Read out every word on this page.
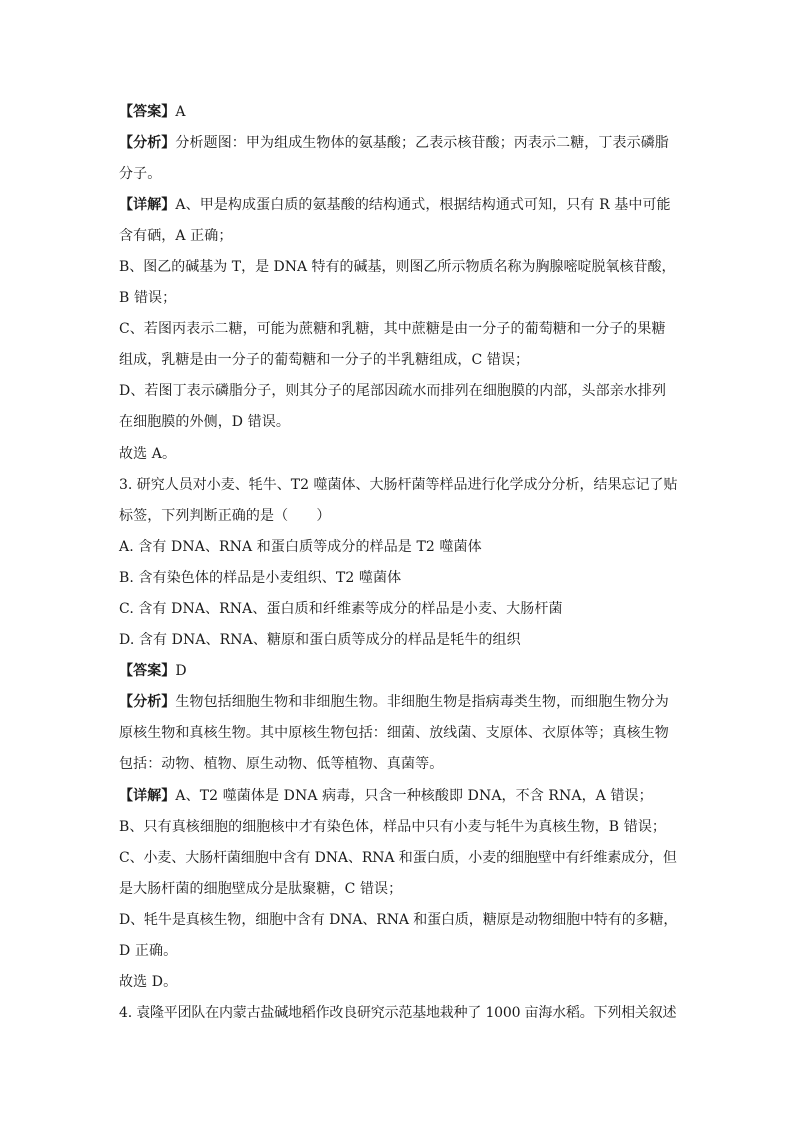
【答案】A
【分析】分析题图：甲为组成生物体的氨基酸；乙表示核苷酸；丙表示二糖，丁表示磷脂
分子。
【详解】A、甲是构成蛋白质的氨基酸的结构通式，根据结构通式可知，只有 R 基中可能
含有硒，A 正确；
B、图乙的碱基为 T，是 DNA 特有的碱基，则图乙所示物质名称为胸腺嘧啶脱氧核苷酸，
B 错误；
C、若图丙表示二糖，可能为蔗糖和乳糖，其中蔗糖是由一分子的葡萄糖和一分子的果糖
组成，乳糖是由一分子的葡萄糖和一分子的半乳糖组成，C 错误；
D、若图丁表示磷脂分子，则其分子的尾部因疏水而排列在细胞膜的内部，头部亲水排列
在细胞膜的外侧，D 错误。
故选 A。
3. 研究人员对小麦、牦牛、T2 噬菌体、大肠杆菌等样品进行化学成分分析，结果忘记了贴
标签，下列判断正确的是（　　）
A. 含有 DNA、RNA 和蛋白质等成分的样品是 T2 噬菌体
B. 含有染色体的样品是小麦组织、T2 噬菌体
C. 含有 DNA、RNA、蛋白质和纤维素等成分的样品是小麦、大肠杆菌
D. 含有 DNA、RNA、糖原和蛋白质等成分的样品是牦牛的组织
【答案】D
【分析】生物包括细胞生物和非细胞生物。非细胞生物是指病毒类生物，而细胞生物分为
原核生物和真核生物。其中原核生物包括：细菌、放线菌、支原体、衣原体等；真核生物
包括：动物、植物、原生动物、低等植物、真菌等。
【详解】A、T2 噬菌体是 DNA 病毒，只含一种核酸即 DNA，不含 RNA，A 错误；
B、只有真核细胞的细胞核中才有染色体，样品中只有小麦与牦牛为真核生物，B 错误；
C、小麦、大肠杆菌细胞中含有 DNA、RNA 和蛋白质，小麦的细胞壁中有纤维素成分，但
是大肠杆菌的细胞壁成分是肽聚糖，C 错误；
D、牦牛是真核生物，细胞中含有 DNA、RNA 和蛋白质，糖原是动物细胞中特有的多糖，
D 正确。
故选 D。
4. 袁隆平团队在内蒙古盐碱地稻作改良研究示范基地栽种了 1000 亩海水稻。下列相关叙述
